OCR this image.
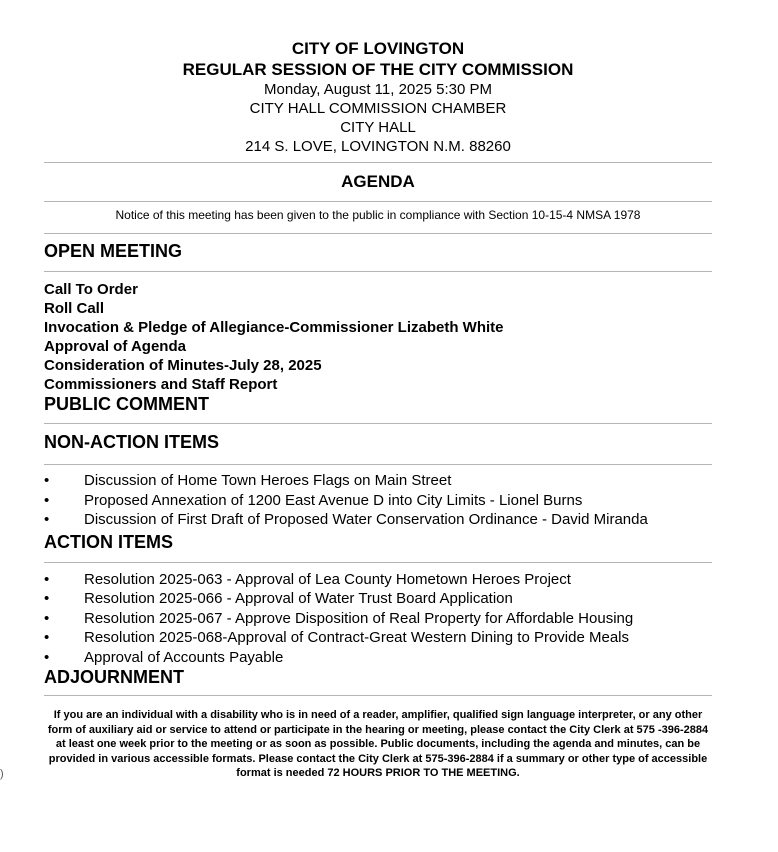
CITY OF LOVINGTON
REGULAR SESSION OF THE CITY COMMISSION
Monday, August 11, 2025 5:30 PM
CITY HALL COMMISSION CHAMBER
CITY HALL
214 S. LOVE, LOVINGTON N.M. 88260
AGENDA
Notice of this meeting has been given to the public in compliance with Section 10-15-4 NMSA 1978
OPEN MEETING
Call To Order
Roll Call
Invocation & Pledge of Allegiance-Commissioner Lizabeth White
Approval of Agenda
Consideration of Minutes-July 28, 2025
Commissioners and Staff Report
PUBLIC COMMENT
NON-ACTION ITEMS
• Discussion of Home Town Heroes Flags on Main Street
• Proposed Annexation of 1200 East Avenue D into City Limits - Lionel Burns
• Discussion of First Draft of Proposed Water Conservation Ordinance - David Miranda
ACTION ITEMS
• Resolution 2025-063 - Approval of Lea County Hometown Heroes Project
• Resolution 2025-066 - Approval of Water Trust Board Application
• Resolution 2025-067 - Approve Disposition of Real Property for Affordable Housing
• Resolution 2025-068-Approval of Contract-Great Western Dining to Provide Meals
• Approval of Accounts Payable
ADJOURNMENT
If you are an individual with a disability who is in need of a reader, amplifier, qualified sign language interpreter, or any other form of auxiliary aid or service to attend or participate in the hearing or meeting, please contact the City Clerk at 575 -396-2884 at least one week prior to the meeting or as soon as possible. Public documents, including the agenda and minutes, can be provided in various accessible formats. Please contact the City Clerk at 575-396-2884 if a summary or other type of accessible format is needed 72 HOURS PRIOR TO THE MEETING.
)
